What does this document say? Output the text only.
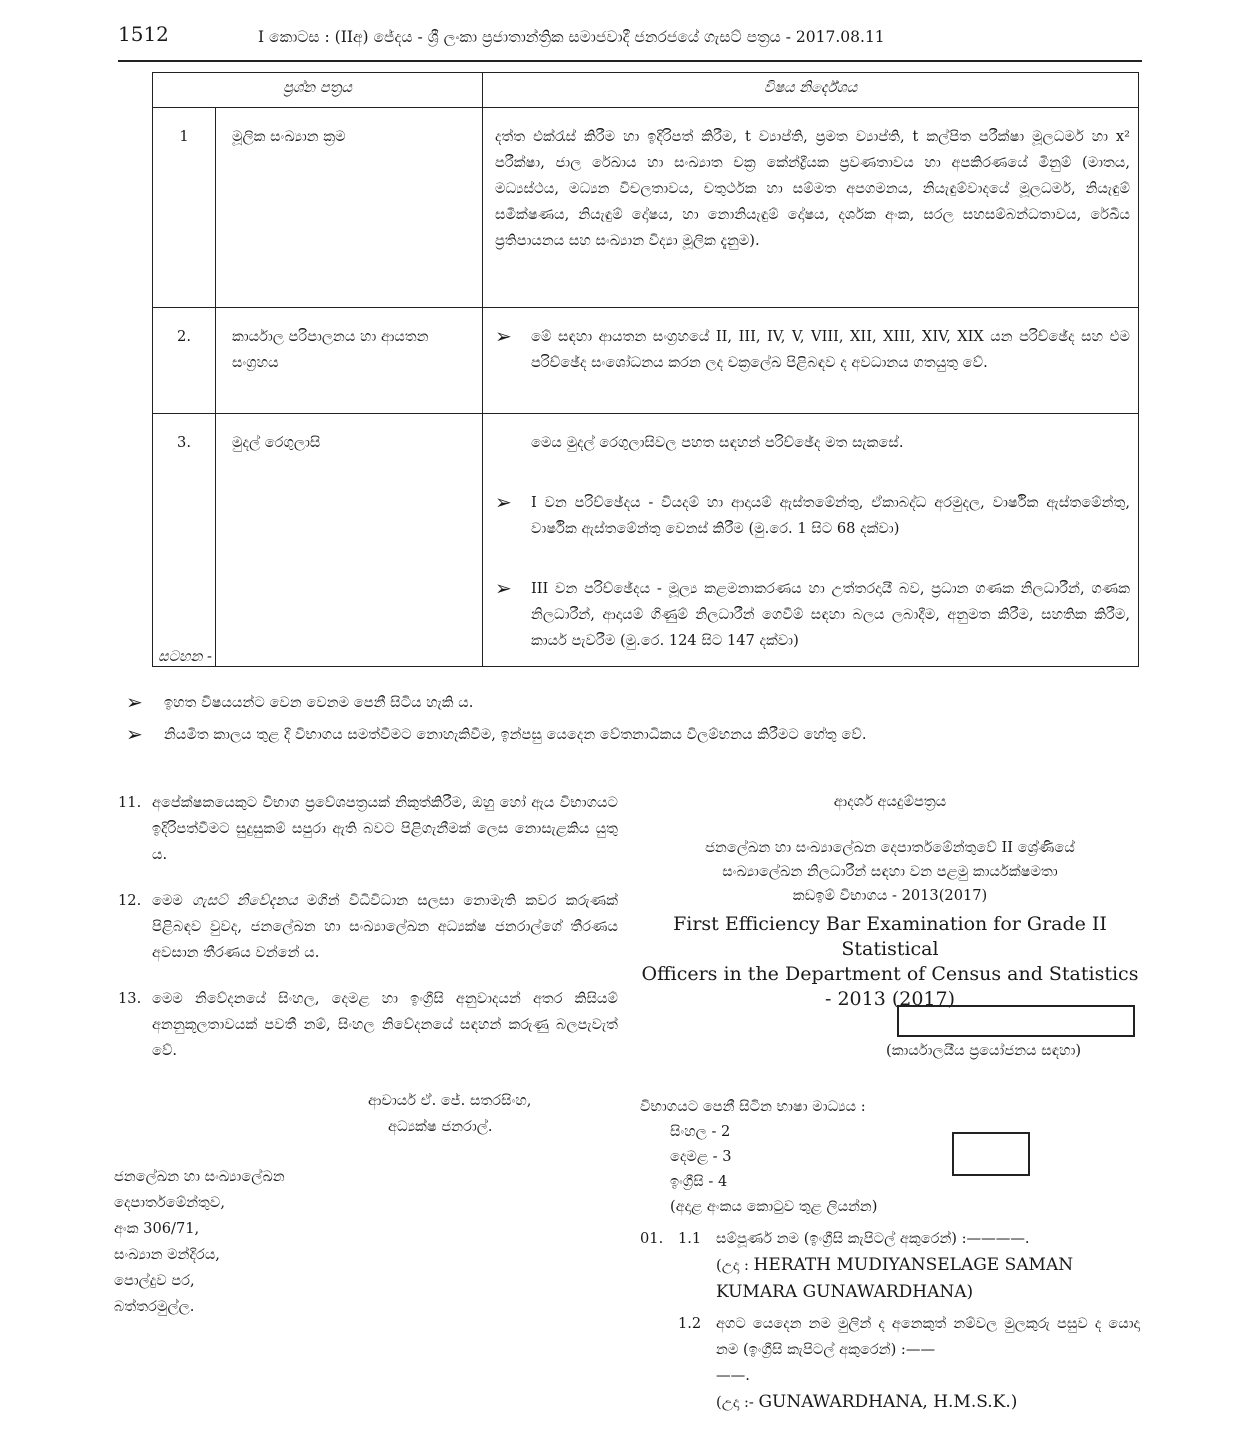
1512	I කොටස : (IIඅ) ජේදය - ශ්‍රී ලංකා ප්‍රජාතාන්ත්‍රික සමාජවාදී ජනරජයේ ගැසට් පත්‍රය - 2017.08.11
ප්‍රශ්න පත්‍රය		විෂය නිර්දේශය
1	මූලික සංඛ්‍යාන ක්‍රම	දත්ත එක්රැස් කිරීම හා ඉදිරිපත් කිරීම, t ව්‍යාප්ති, ප්‍රමත ව්‍යාප්ති, t කල්පිත පරීක්ෂා මූලධර්ම හා x² පරීක්ෂා, ජාල රේඛාය හා සංඛ්‍යාත චක්‍ර කේන්ද්‍රීයක ප්‍රවණතාවය හා අපකිරණයේ මිනුම් (මාතය, මධ්‍යස්ථය, මධ්‍යන විචලතාවය, චතුර්ථක හා සම්මත අපගමනය, නියැඳුම්වාදයේ මූලධර්ම, නියැඳුම් සමීක්ෂණය, නියැඳුම් දෝෂය, හා නොනියැඳුම් දෝෂය, දර්ශක අංක, සරල සහසම්බන්ධතාවය, රේඛීය ප්‍රතිපායනය සහ සංඛ්‍යාන විද්‍යා මූලික දැනුම).
2.	කාර්යාල පරිපාලනය හා ආයතන සංග්‍රහය	➢ මේ සඳහා ආයතන සංග්‍රහයේ II, III, IV, V, VIII, XII, XIII, XIV, XIX යන පරිච්ඡේද සහ එම පරිච්ඡේද සංශෝධනය කරන ලද චක්‍රලේඛ පිළිබඳව ද අවධානය ගතයුතු වේ.

3.	මුදල් රෙගුලාසි	මෙය මුදල් රෙගුලාසිවල පහත සඳහන් පරිච්ඡේද මත සැකසේ.
➢ I වන පරිච්ඡේදය - වියදම් හා ආදායම් ඇස්තමේන්තු, ඒකාබද්ධ අරමුදල, වාර්ෂික ඇස්තමේන්තු, වාර්ෂික ඇස්තමේන්තු වෙනස් කිරීම (මු.රෙ. 1 සිට 68 දක්වා)
➢ III වන පරිච්ඡේදය - මූල්‍ය කළමනාකරණය හා උත්තරදායී බව, ප්‍රධාන ගණක නිලධාරීන්, ගණක නිලධාරීන්, ආදායම් ගිණුම් නිලධාරීන් ගෙවීම් සඳහා බලය ලබාදීම, අනුමත කිරීම, සහතික කිරීම, කාර්ය පැවරීම (මු.රෙ. 124 සිට 147 දක්වා)
සටහන -
➢	ඉහත විෂයයන්ට වෙන වෙනම පෙනී සිටිය හැකි ය.
➢	නියමිත කාලය තුළ දී විභාගය සමත්වීමට නොහැකිවීම, ඉන්පසු යෙදෙන වේතනාධිකය විලම්භනය කිරීමට හේතු වේ.
11. අපේක්ෂකයෙකුට විභාග ප්‍රවේශපත්‍රයක් නිකුත්කිරීම, ඔහු හෝ ඇය විභාගයට ඉදිරිපත්වීමට සුදුසුකම් සපුරා ඇති බවට පිළිගැනීමක් ලෙස නොසැළකිය යුතු ය.
12. මෙම ගැසට් නිවේදනය මගින් විධිවිධාන සලසා නොමැති කවර කරුණක් පිළිබඳව වුවද, ජනලේඛන හා සංඛ්‍යාලේඛන අධ්‍යක්ෂ ජනරාල්ගේ තීරණය අවසාන තීරණය වන්නේ ය.
13. මෙම නිවේදනයේ සිංහල, දෙමළ හා ඉංග්‍රීසි අනුවාදයන් අතර කිසියම් අනනුකූලතාවයක් පවතී නම්, සිංහල නිවේදනයේ සඳහන් කරුණු බලපැවැත් වේ.
ආචාර්ය ඒ. ජේ. සතරසිංහ,
අධ්‍යක්ෂ ජනරාල්.
ජනලේඛන හා සංඛ්‍යාලේඛන
දෙපාර්තමේන්තුව,
අංක 306/71,
සංඛ්‍යාන මන්දිරය,
පොල්දුව පර,
බත්තරමුල්ල.
ආදර්ශ අයදුම්පත්‍රය
ජනලේඛන හා සංඛ්‍යාලේඛන දෙපාර්තමේන්තුවේ II ශ්‍රේණියේ
සංඛ්‍යාලේඛන නිලධාරීන් සඳහා වන පළමු කාර්යක්ෂමතා
කඩඉම් විභාගය - 2013(2017)
First Efficiency Bar Examination for Grade II Statistical
Officers in the Department of Census and Statistics
- 2013 (2017)
(කාර්යාලයීය ප්‍රයෝජනය සඳහා)
විභාගයට පෙනී සිටින භාෂා මාධ්‍යය :
සිංහල - 2
දෙමළ - 3
ඉංග්‍රීසි - 4
(අදාළ අංකය කොටුව තුළ ලියන්න)
01.	1.1	සම්පූර්ණ නම (ඉංග්‍රීසි කැපිටල් අකුරෙන්) :————.
(උදා : HERATH MUDIYANSELAGE SAMAN
KUMARA GUNAWARDHANA)
1.2	අගට යෙදෙන නම මුලින් ද අනෙකුත් නම්වල මුලකුරු පසුව ද යොදා නම (ඉංග්‍රීසි කැපිටල් අකුරෙන්) :——
——.
(උදා :- GUNAWARDHANA, H.M.S.K.)
